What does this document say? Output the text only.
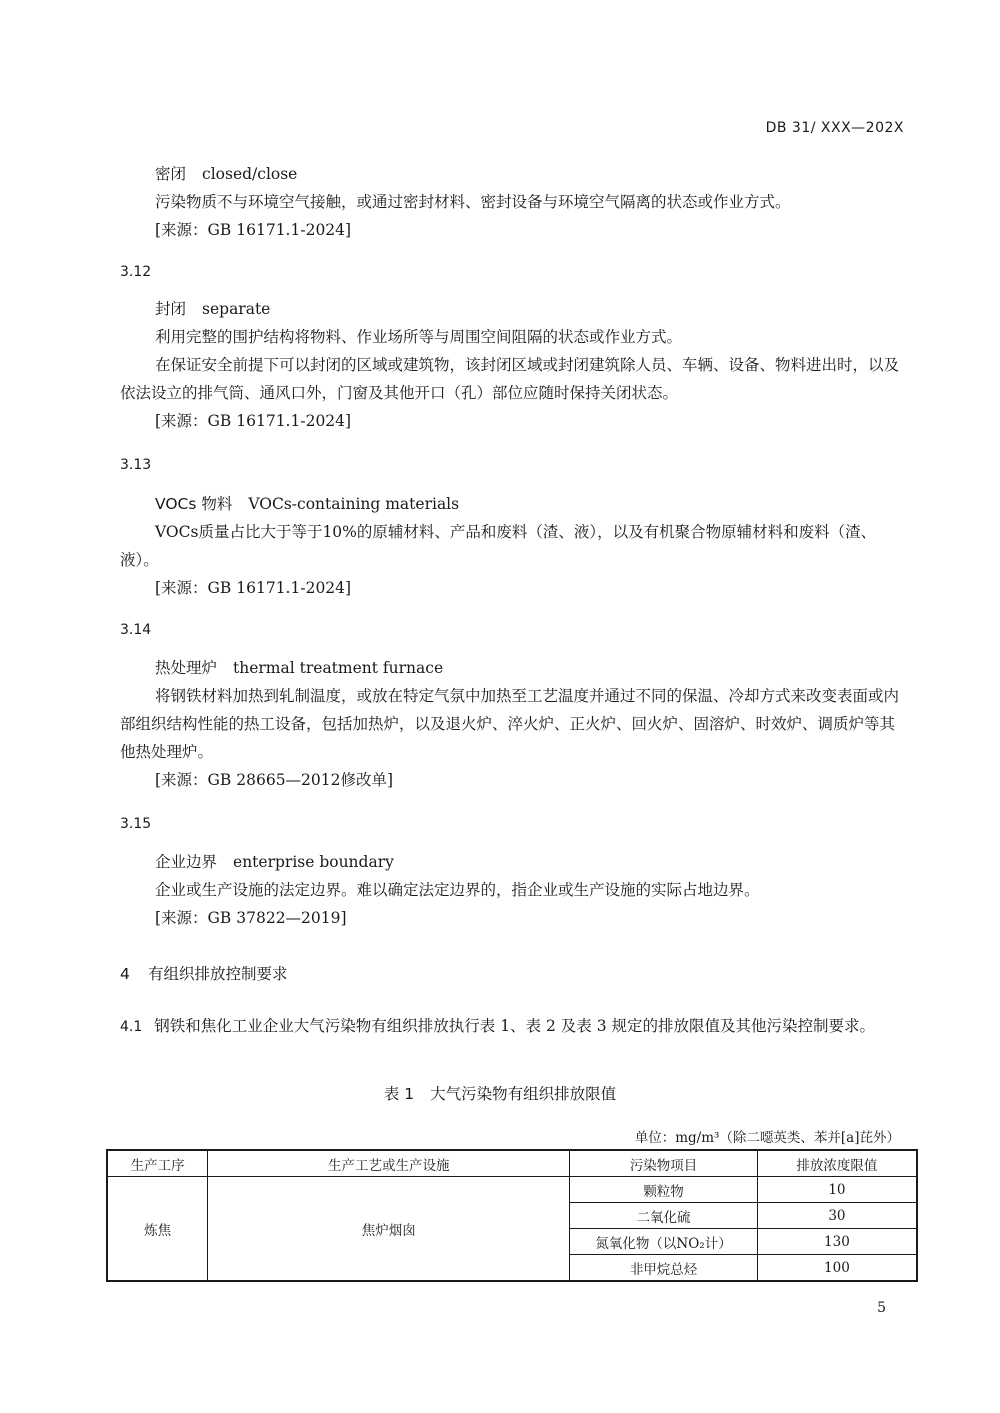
DB 31/ XXX—202X
密闭 closed/close
污染物质不与环境空气接触，或通过密封材料、密封设备与环境空气隔离的状态或作业方式。
[来源：GB 16171.1-2024]
3.12
封闭 separate
利用完整的围护结构将物料、作业场所等与周围空间阻隔的状态或作业方式。
在保证安全前提下可以封闭的区域或建筑物，该封闭区域或封闭建筑除人员、车辆、设备、物料进出时，以及依法设立的排气筒、通风口外，门窗及其他开口（孔）部位应随时保持关闭状态。
[来源：GB 16171.1-2024]
3.13
VOCs 物料 VOCs-containing materials
VOCs质量占比大于等于10%的原辅材料、产品和废料（渣、液），以及有机聚合物原辅材料和废料（渣、液）。
[来源：GB 16171.1-2024]
3.14
热处理炉 thermal treatment furnace
将钢铁材料加热到轧制温度，或放在特定气氛中加热至工艺温度并通过不同的保温、冷却方式来改变表面或内部组织结构性能的热工设备，包括加热炉，以及退火炉、淬火炉、正火炉、回火炉、固溶炉、时效炉、调质炉等其他热处理炉。
[来源：GB 28665—2012修改单]
3.15
企业边界 enterprise boundary
企业或生产设施的法定边界。难以确定法定边界的，指企业或生产设施的实际占地边界。
[来源：GB 37822—2019]
4 有组织排放控制要求
4.1 钢铁和焦化工业企业大气污染物有组织排放执行表 1、表 2 及表 3 规定的排放限值及其他污染控制要求。
表 1 大气污染物有组织排放限值
单位：mg/m³（除二噁英类、苯并[a]芘外）
生产工序	生产工艺或生产设施	污染物项目	排放浓度限值
炼焦	焦炉烟囱	颗粒物	10
		二氧化硫	30
		氮氧化物（以NO₂计）	130
		非甲烷总烃	100
5
